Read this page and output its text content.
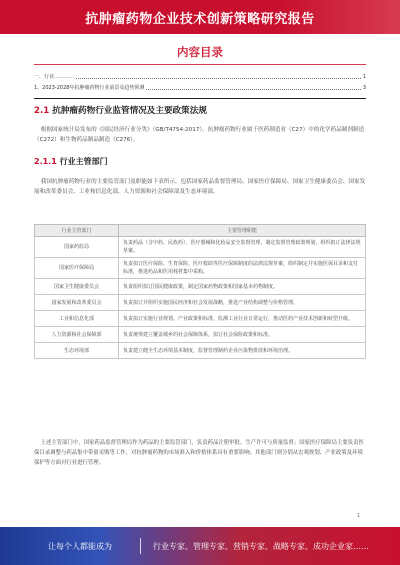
抗肿瘤药物企业技术创新策略研究报告
内容目录
一、行业…………	1
1、2023-2028年抗肿瘤药物行业前景及趋势预测	3
2.1 抗肿瘤药物行业监管情况及主要政策法规

根据国家统计局发布的《国民经济行业分类》（GB/T4754-2017），抗肿瘤药物行业属于医药制造业（C27）中的化学药品制剂制造（C272）和生物药品制品制造（C276）。

2.1.1 行业主管部门

我国抗肿瘤药物行业的主要监管部门及职能如下表所示，包括国家药品监督管理局、国家医疗保障局、国家卫生健康委员会、国家发展和改革委员会、工业和信息化部、人力资源和社会保障部及生态环境部。

行业主管部门	主要管理职能
国家药监局	负责药品（含中药、民族药）、医疗器械和化妆品安全监督管理，制定监督管理政策规划，组织拟订法律法规草案。
国家医疗保障局	负责拟订医疗保险、生育保险、医疗救助等医疗保障制度的法律法规草案，组织制定并实施医保目录和支付标准，推进药品和医用耗材集中采购。
国家卫生健康委员会	负责组织拟订国民健康政策，制定国家药物政策和国家基本药物制度。
国家发展和改革委员会	负责拟订并组织实施国民经济和社会发展战略，推进产业结构调整与价格管理。
工业和信息化部	负责拟订实施行业规划、产业政策和标准，监测工业行业日常运行，推动医药产业技术创新和转型升级。
人力资源和社会保障部	负责统筹建立覆盖城乡的社会保障体系，拟订社会保险政策和标准。
生态环境部	负责建立健全生态环境基本制度，监督管理制药企业污染物排放和环境治理。

上述主管部门中，国家药品监督管理局作为药品的主要监管部门，负责药品注册审批、生产许可与质量监督；国家医疗保障局主要负责医保目录调整与药品集中带量采购等工作，对抗肿瘤药物的市场准入和价格体系具有重要影响；其他部门则分别从宏观规划、产业政策及环境保护等方面对行业进行管理。

1
让每个人都能成为	行业专家、管理专家、营销专家、战略专家、成功企业家……
